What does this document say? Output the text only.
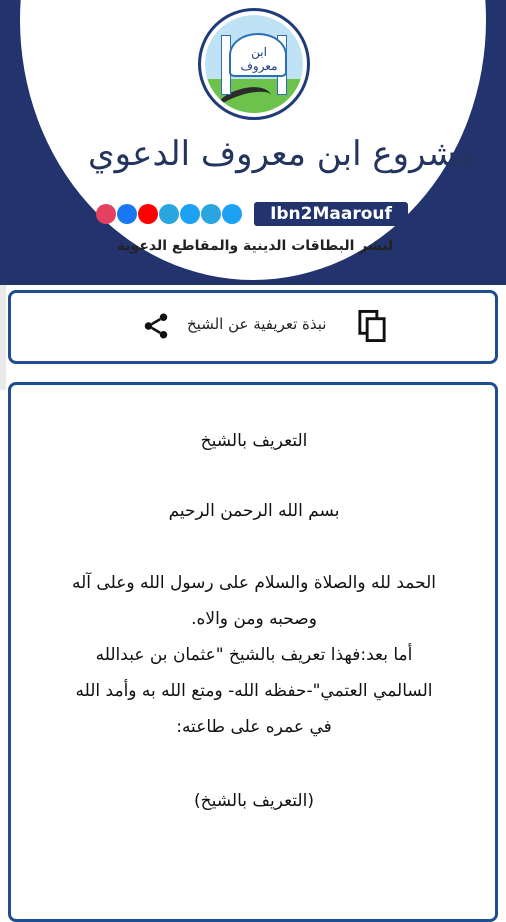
ابن معروف
مشروع ابن معروف الدعوي
Ibn2Maarouf
لنشر البطاقات الدينية والمقاطع الدعوية
نبذة تعريفية عن الشيخ

التعريف بالشيخ

بسم الله الرحمن الرحيم

الحمد لله والصلاة والسلام على رسول الله وعلى آله

وصحبه ومن والاه.

أما بعد:فهذا تعريف بالشيخ "عثمان بن عبدالله

السالمي العتمي"-حفظه الله- ومتع الله به وأمد الله

في عمره على طاعته:

(التعريف بالشيخ)
